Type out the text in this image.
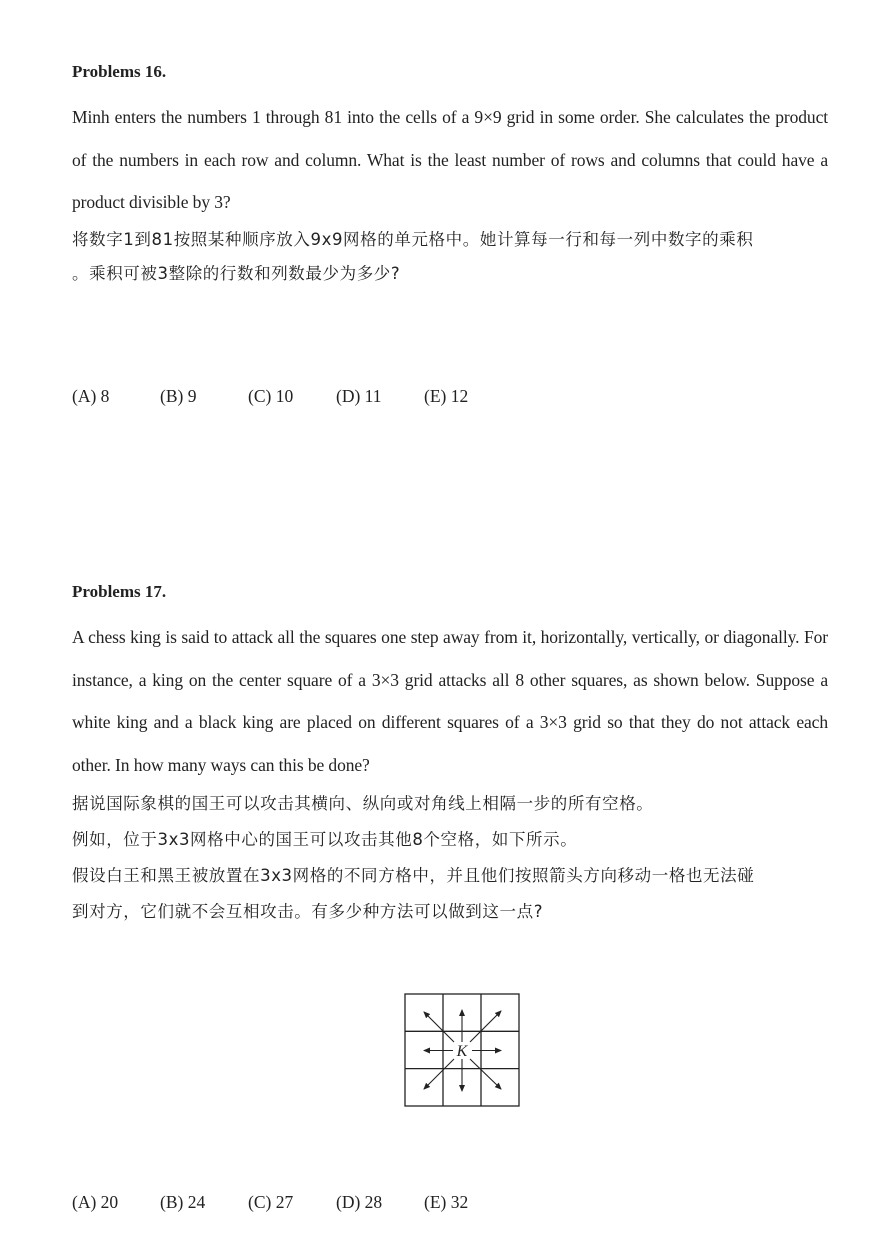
Problems 16.

Minh enters the numbers 1 through 81 into the cells of a 9×9 grid in some order. She calculates the product of the numbers in each row and column. What is the least number of rows and columns that could have a product divisible by 3?

将数字1到81按照某种顺序放入9x9网格的单元格中。她计算每一行和每一列中数字的乘积

。乘积可被3整除的行数和列数最少为多少?

(A) 8	(B) 9	(C) 10	(D) 11	(E) 12

Problems 17.

A chess king is said to attack all the squares one step away from it, horizontally, vertically, or diagonally. For instance, a king on the center square of a 3×3 grid attacks all 8 other squares, as shown below. Suppose a white king and a black king are placed on different squares of a 3×3 grid so that they do not attack each other. In how many ways can this be done?

据说国际象棋的国王可以攻击其横向、纵向或对角线上相隔一步的所有空格。

例如，位于3x3网格中心的国王可以攻击其他8个空格，如下所示。

假设白王和黑王被放置在3x3网格的不同方格中，并且他们按照箭头方向移动一格也无法碰

到对方，它们就不会互相攻击。有多少种方法可以做到这一点?

K
(A) 20	(B) 24	(C) 27	(D) 28	(E) 32
